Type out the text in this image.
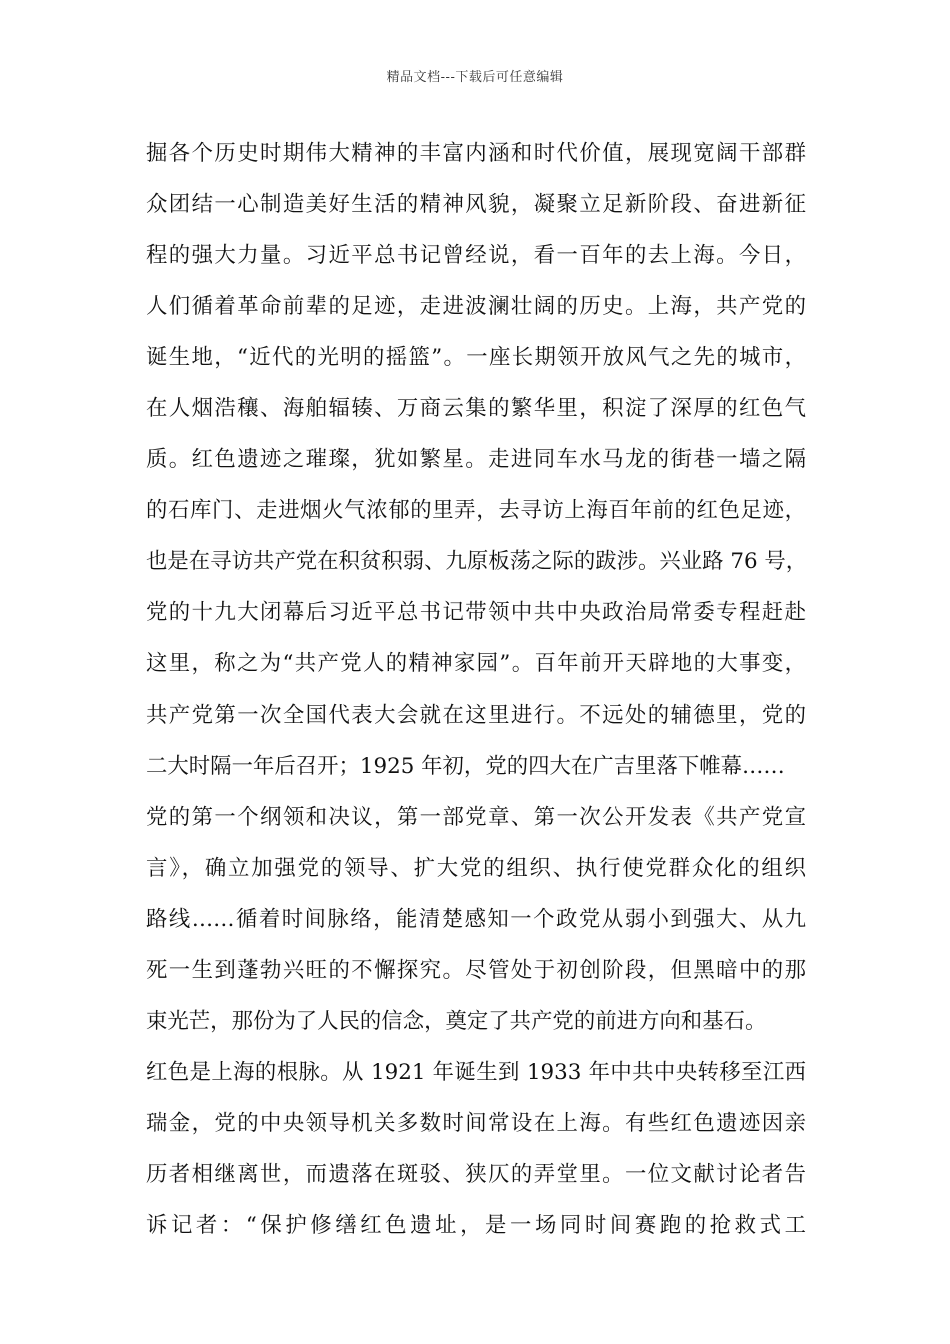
精品文档---下载后可任意编辑
掘各个历史时期伟大精神的丰富内涵和时代价值，展现宽阔干部群
众团结一心制造美好生活的精神风貌，凝聚立足新阶段、奋进新征
程的强大力量。习近平总书记曾经说，看一百年的去上海。今日，
人们循着革命前辈的足迹，走进波澜壮阔的历史。上海，共产党的
诞生地，“近代的光明的摇篮”。一座长期领开放风气之先的城市，
在人烟浩穰、海舶辐辏、万商云集的繁华里，积淀了深厚的红色气
质。红色遗迹之璀璨，犹如繁星。走进同车水马龙的街巷一墙之隔
的石库门、走进烟火气浓郁的里弄，去寻访上海百年前的红色足迹，
也是在寻访共产党在积贫积弱、九原板荡之际的跋涉。兴业路 76 号，
党的十九大闭幕后习近平总书记带领中共中央政治局常委专程赶赴
这里，称之为“共产党人的精神家园”。百年前开天辟地的大事变，
共产党第一次全国代表大会就在这里进行。不远处的辅德里，党的
二大时隔一年后召开；1925 年初，党的四大在广吉里落下帷幕……
党的第一个纲领和决议，第一部党章、第一次公开发表《共产党宣
言》，确立加强党的领导、扩大党的组织、执行使党群众化的组织
路线……循着时间脉络，能清楚感知一个政党从弱小到强大、从九
死一生到蓬勃兴旺的不懈探究。尽管处于初创阶段，但黑暗中的那
束光芒，那份为了人民的信念，奠定了共产党的前进方向和基石。
红色是上海的根脉。从 1921 年诞生到 1933 年中共中央转移至江西
瑞金，党的中央领导机关多数时间常设在上海。有些红色遗迹因亲
历者相继离世，而遗落在斑驳、狭仄的弄堂里。一位文献讨论者告
诉记者：“保护修缮红色遗址，是一场同时间赛跑的抢救式工
